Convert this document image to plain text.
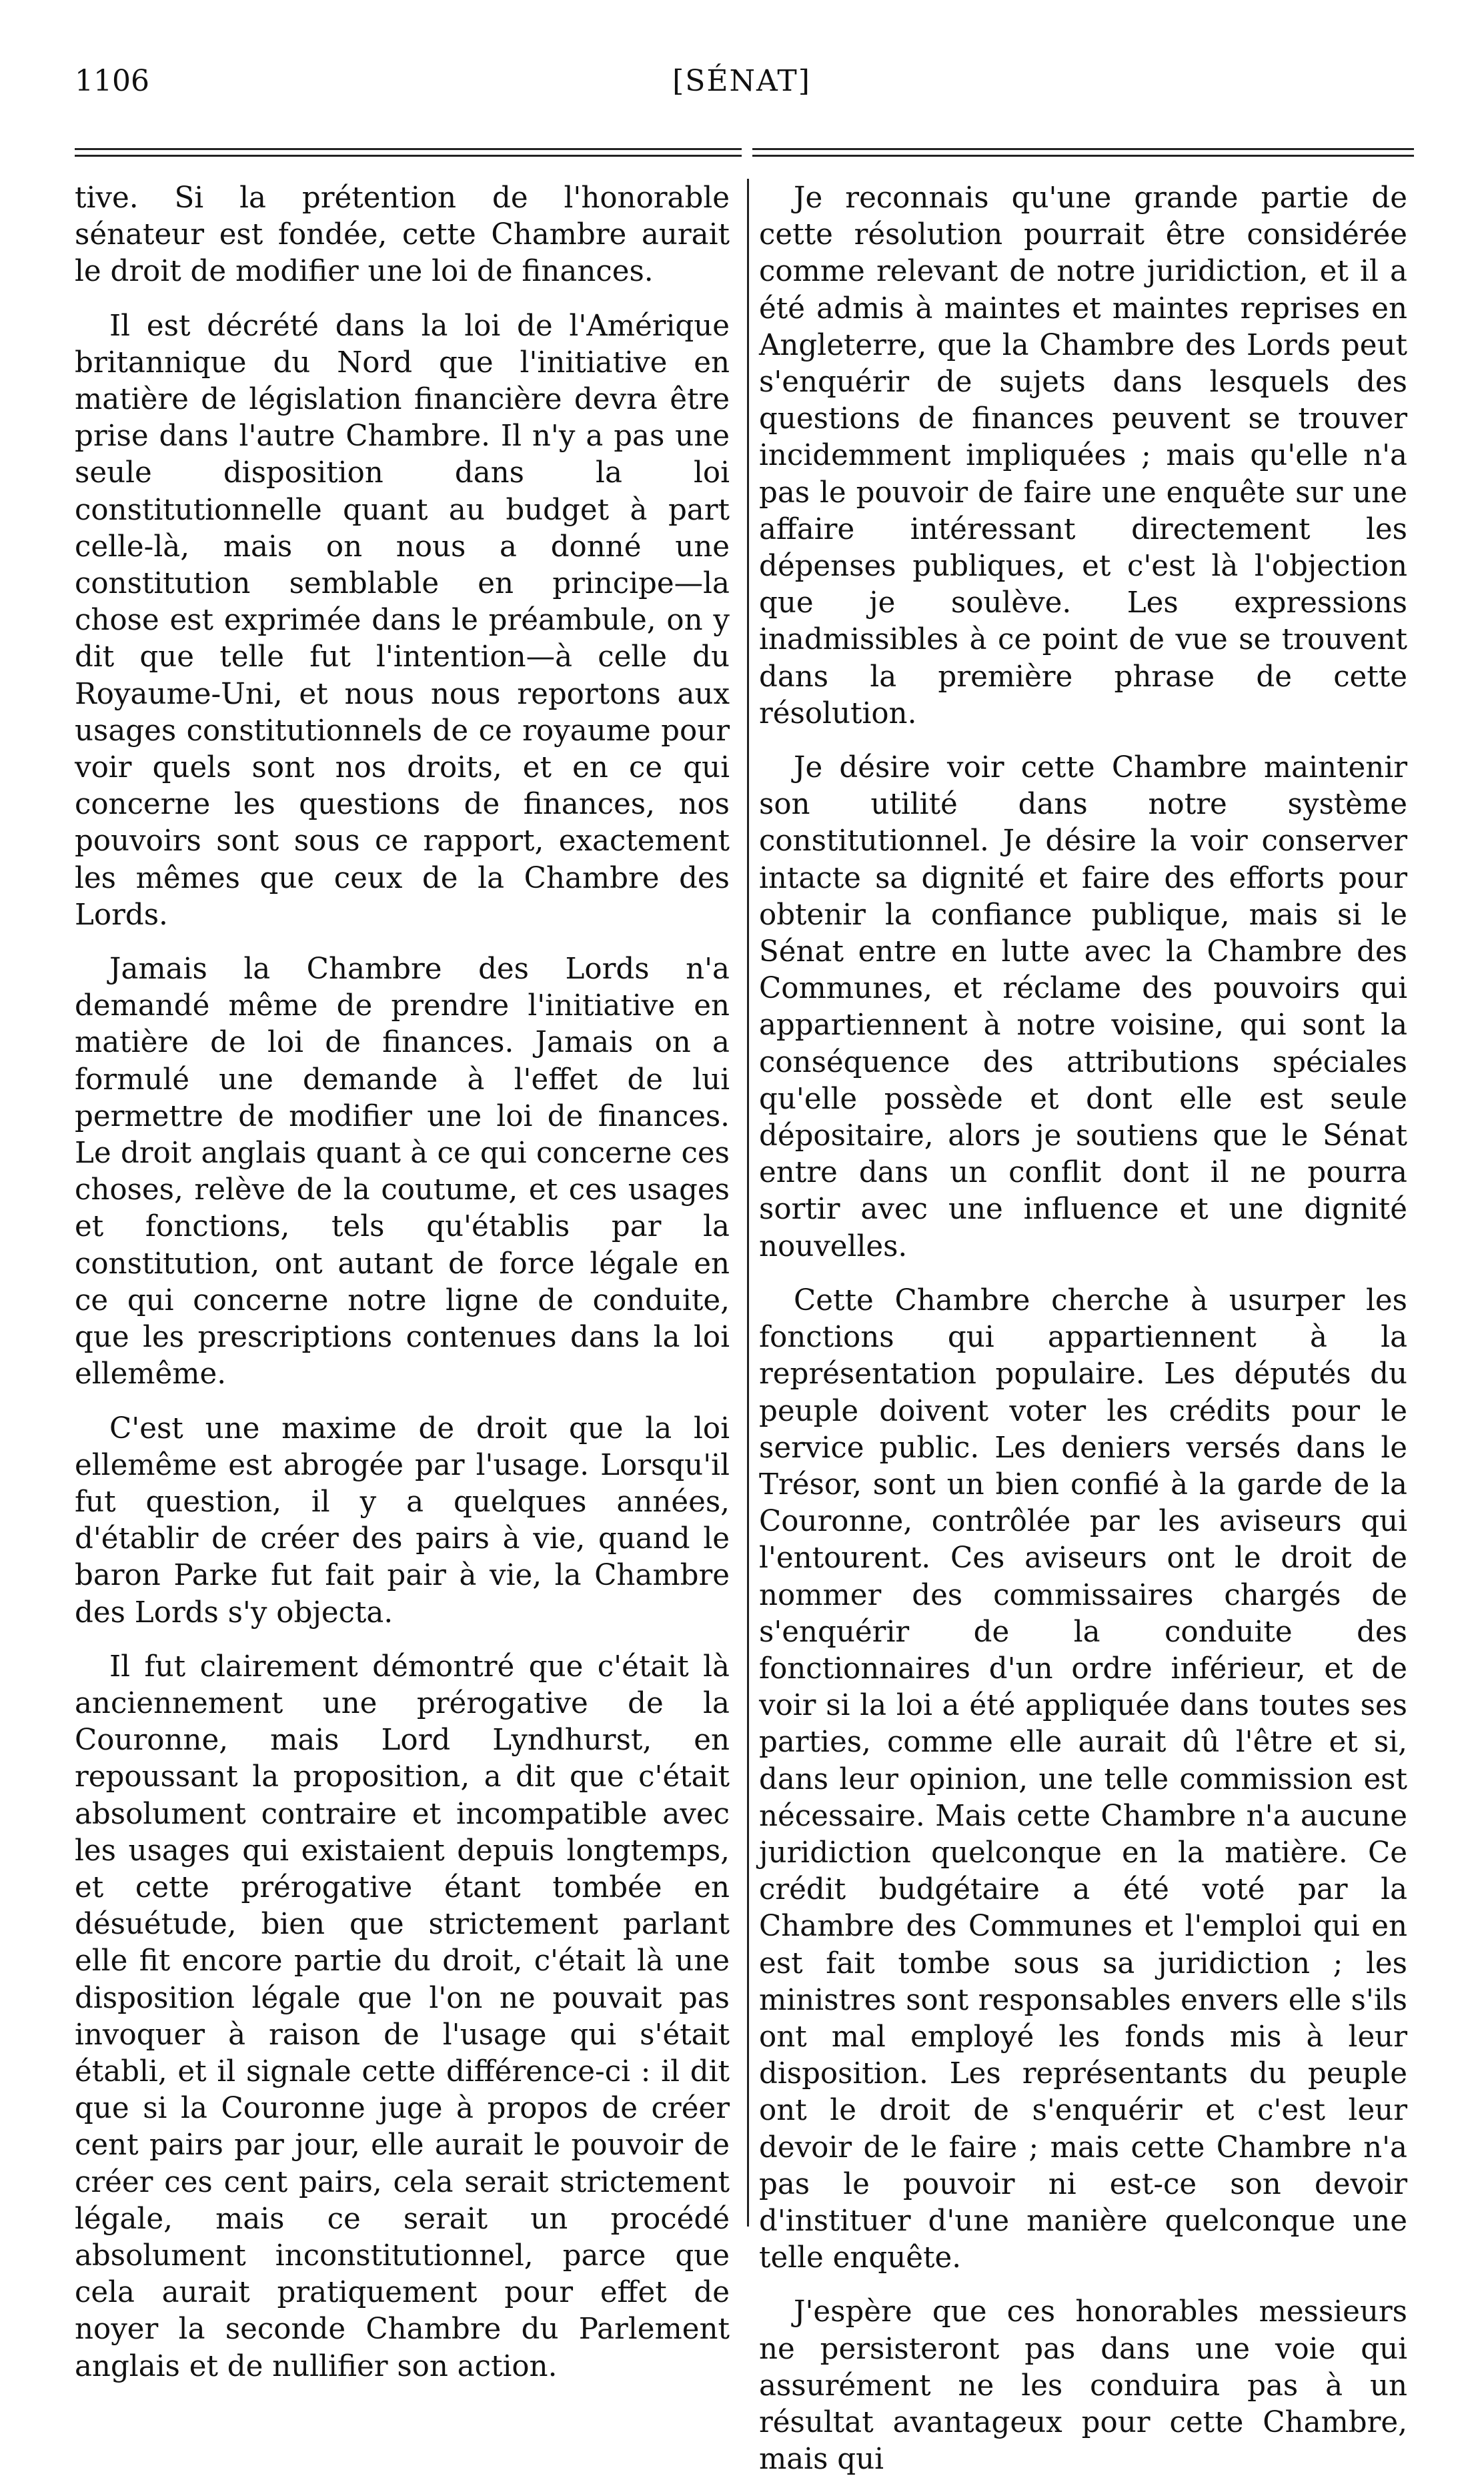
1106	[SÉNAT]

tive. Si la prétention de l'honorable sénateur est fondée, cette Chambre aurait le droit de modifier une loi de finances.

Il est décrété dans la loi de l'Amérique britannique du Nord que l'initiative en matière de législation financière devra être prise dans l'autre Chambre. Il n'y a pas une seule disposition dans la loi constitutionnelle quant au budget à part celle-là, mais on nous a donné une constitution semblable en principe—la chose est exprimée dans le préambule, on y dit que telle fut l'intention—à celle du Royaume-Uni, et nous nous reportons aux usages constitutionnels de ce royaume pour voir quels sont nos droits, et en ce qui concerne les questions de finances, nos pouvoirs sont sous ce rapport, exactement les mêmes que ceux de la Chambre des Lords.

Jamais la Chambre des Lords n'a demandé même de prendre l'initiative en matière de loi de finances. Jamais on a formulé une demande à l'effet de lui permettre de modifier une loi de finances. Le droit anglais quant à ce qui concerne ces choses, relève de la coutume, et ces usages et fonctions, tels qu'établis par la constitution, ont autant de force légale en ce qui concerne notre ligne de conduite, que les prescriptions contenues dans la loi ellemême.

C'est une maxime de droit que la loi ellemême est abrogée par l'usage. Lorsqu'il fut question, il y a quelques années, d'établir de créer des pairs à vie, quand le baron Parke fut fait pair à vie, la Chambre des Lords s'y objecta.

Il fut clairement démontré que c'était là anciennement une prérogative de la Couronne, mais Lord Lyndhurst, en repoussant la proposition, a dit que c'était absolument contraire et incompatible avec les usages qui existaient depuis longtemps, et cette prérogative étant tombée en désuétude, bien que strictement parlant elle fit encore partie du droit, c'était là une disposition légale que l'on ne pouvait pas invoquer à raison de l'usage qui s'était établi, et il signale cette différence-ci : il dit que si la Couronne juge à propos de créer cent pairs par jour, elle aurait le pouvoir de créer ces cent pairs, cela serait strictement légale, mais ce serait un procédé absolument inconstitutionnel, parce que cela aurait pratiquement pour effet de noyer la seconde Chambre du Parlement anglais et de nullifier son action.

Je reconnais qu'une grande partie de cette résolution pourrait être considérée comme relevant de notre juridiction, et il a été admis à maintes et maintes reprises en Angleterre, que la Chambre des Lords peut s'enquérir de sujets dans lesquels des questions de finances peuvent se trouver incidemment impliquées ; mais qu'elle n'a pas le pouvoir de faire une enquête sur une affaire intéressant directement les dépenses publiques, et c'est là l'objection que je soulève. Les expressions inadmissibles à ce point de vue se trouvent dans la première phrase de cette résolution.

Je désire voir cette Chambre maintenir son utilité dans notre système constitutionnel. Je désire la voir conserver intacte sa dignité et faire des efforts pour obtenir la confiance publique, mais si le Sénat entre en lutte avec la Chambre des Communes, et réclame des pouvoirs qui appartiennent à notre voisine, qui sont la conséquence des attributions spéciales qu'elle possède et dont elle est seule dépositaire, alors je soutiens que le Sénat entre dans un conflit dont il ne pourra sortir avec une influence et une dignité nouvelles.

Cette Chambre cherche à usurper les fonctions qui appartiennent à la représentation populaire. Les députés du peuple doivent voter les crédits pour le service public. Les deniers versés dans le Trésor, sont un bien confié à la garde de la Couronne, contrôlée par les aviseurs qui l'entourent. Ces aviseurs ont le droit de nommer des commissaires chargés de s'enquérir de la conduite des fonctionnaires d'un ordre inférieur, et de voir si la loi a été appliquée dans toutes ses parties, comme elle aurait dû l'être et si, dans leur opinion, une telle commission est nécessaire. Mais cette Chambre n'a aucune juridiction quelconque en la matière. Ce crédit budgétaire a été voté par la Chambre des Communes et l'emploi qui en est fait tombe sous sa juridiction ; les ministres sont responsables envers elle s'ils ont mal employé les fonds mis à leur disposition. Les représentants du peuple ont le droit de s'enquérir et c'est leur devoir de le faire ; mais cette Chambre n'a pas le pouvoir ni est-ce son devoir d'instituer d'une manière quelconque une telle enquête.

J'espère que ces honorables messieurs ne persisteront pas dans une voie qui assurément ne les conduira pas à un résultat avantageux pour cette Chambre, mais qui
